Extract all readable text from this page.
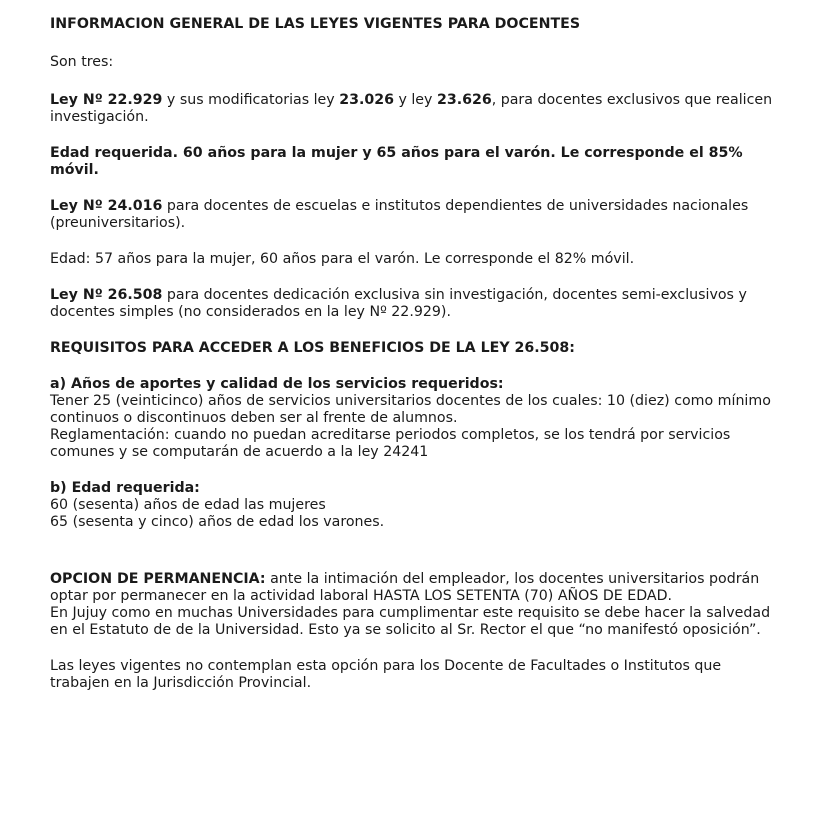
INFORMACION GENERAL DE LAS LEYES VIGENTES PARA DOCENTES

Son tres:

Ley Nº 22.929 y sus modificatorias ley 23.026 y ley 23.626, para docentes exclusivos que realicen investigación.

Edad requerida. 60 años para la mujer y 65 años para el varón. Le corresponde el 85% móvil.

Ley Nº 24.016 para docentes de escuelas e institutos dependientes de universidades nacionales (preuniversitarios).

Edad: 57 años para la mujer, 60 años para el varón. Le corresponde el 82% móvil.

Ley Nº 26.508 para docentes dedicación exclusiva sin investigación, docentes semi-exclusivos y docentes simples (no considerados en la ley Nº 22.929).

REQUISITOS PARA ACCEDER A LOS BENEFICIOS DE LA LEY 26.508:

a) Años de aportes y calidad de los servicios requeridos:

Tener 25 (veinticinco) años de servicios universitarios docentes de los cuales: 10 (diez) como mínimo continuos o discontinuos deben ser al frente de alumnos.

Reglamentación: cuando no puedan acreditarse periodos completos, se los tendrá por servicios comunes y se computarán de acuerdo a la ley 24241

b) Edad requerida:

60 (sesenta) años de edad las mujeres

65 (sesenta y cinco) años de edad los varones.

OPCION DE PERMANENCIA: ante la intimación del empleador, los docentes universitarios podrán optar por permanecer en la actividad laboral HASTA LOS SETENTA (70) AÑOS DE EDAD.

En Jujuy como en muchas Universidades para cumplimentar este requisito se debe hacer la salvedad en el Estatuto de de la Universidad. Esto ya se solicito al Sr. Rector el que “no manifestó oposición”.

Las leyes vigentes no contemplan esta opción para los Docente de Facultades o Institutos que trabajen en la Jurisdicción Provincial.
